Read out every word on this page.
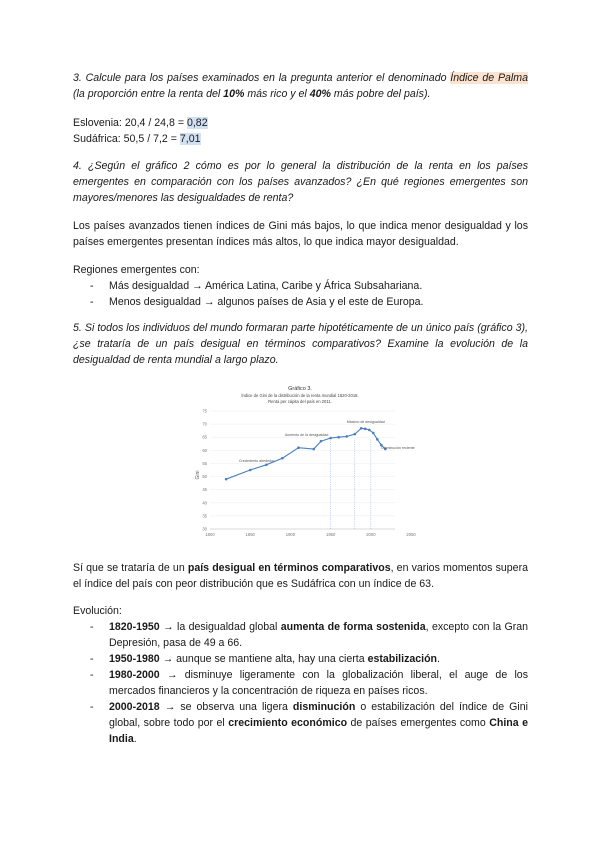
3. Calcule para los países examinados en la pregunta anterior el denominado Índice de Palma (la proporción entre la renta del 10% más rico y el 40% más pobre del país).
Eslovenia: 20,4 / 24,8 = 0,82
Sudáfrica: 50,5 / 7,2 = 7,01
4. ¿Según el gráfico 2 cómo es por lo general la distribución de la renta en los países emergentes en comparación con los países avanzados? ¿En qué regiones emergentes son mayores/menores las desigualdades de renta?
Los países avanzados tienen índices de Gini más bajos, lo que indica menor desigualdad y los países emergentes presentan índices más altos, lo que indica mayor desigualdad.
Regiones emergentes con:
- Más desigualdad → América Latina, Caribe y África Subsahariana.
- Menos desigualdad → algunos países de Asia y el este de Europa.
5. Si todos los individuos del mundo formaran parte hipotéticamente de un único país (gráfico 3), ¿se trataría de un país desigual en términos comparativos? Examine la evolución de la desigualdad de renta mundial a largo plazo.
Gráfico 3.
Índice de Gini de la distribución de la renta mundial 1820-2018.
Renta per cápita del país en 2011.
Gini
30
35
40
45
50
55
60
65
70
75
1800	1850	1900	1950	2000	2050
Crecimiento alrededor
Aumento de la desigualdad
Máximo de desigualdad
Disminución reciente
Sí que se trataría de un país desigual en términos comparativos, en varios momentos supera el índice del país con peor distribución que es Sudáfrica con un índice de 63.
Evolución:
- 1820-1950 → la desigualdad global aumenta de forma sostenida, excepto con la Gran Depresión, pasa de 49 a 66.
- 1950-1980 → aunque se mantiene alta, hay una cierta estabilización.
- 1980-2000 → disminuye ligeramente con la globalización liberal, el auge de los mercados financieros y la concentración de riqueza en países ricos.
- 2000-2018 → se observa una ligera disminución o estabilización del índice de Gini global, sobre todo por el crecimiento económico de países emergentes como China e India.
